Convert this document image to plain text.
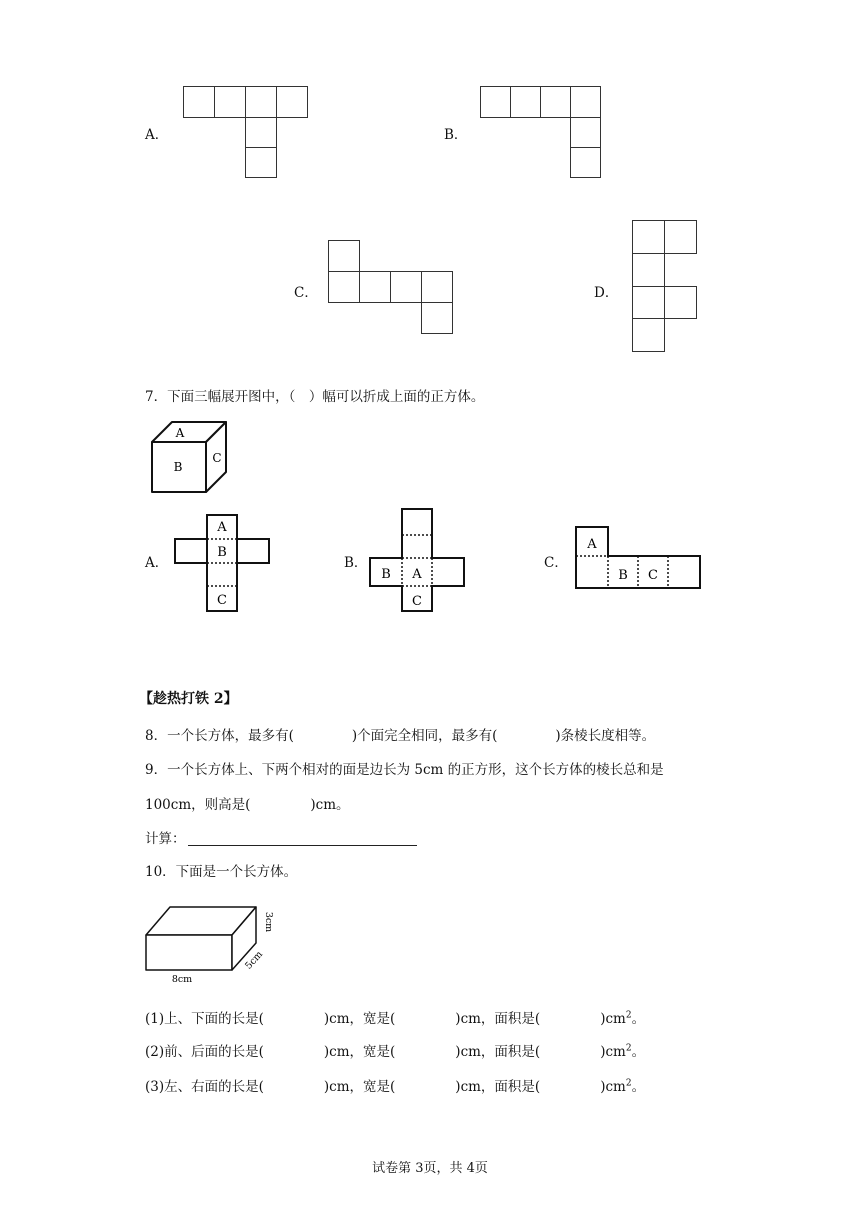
A．	B．
C．	D．
7．下面三幅展开图中，（　）幅可以折成上面的正方体。
A
B
C
A．
A
B
C
B．
B A
C
C．
A
B C
【趁热打铁 2】
8．一个长方体，最多有(	)个面完全相同，最多有(	)条棱长度相等。
9．一个长方体上、下两个相对的面是边长为 5cm 的正方形，这个长方体的棱长总和是
100cm，则高是(	)cm。
计算：
10．下面是一个长方体。
8cm
5cm
3cm
(1)上、下面的长是(	)cm，宽是(	)cm，面积是(	)$cm^2$。
(2)前、后面的长是(	)cm，宽是(	)cm，面积是(	)$cm^2$。
(3)左、右面的长是(	)cm，宽是(	)cm，面积是(	)$cm^2$。
试卷第 3页，共 4页
